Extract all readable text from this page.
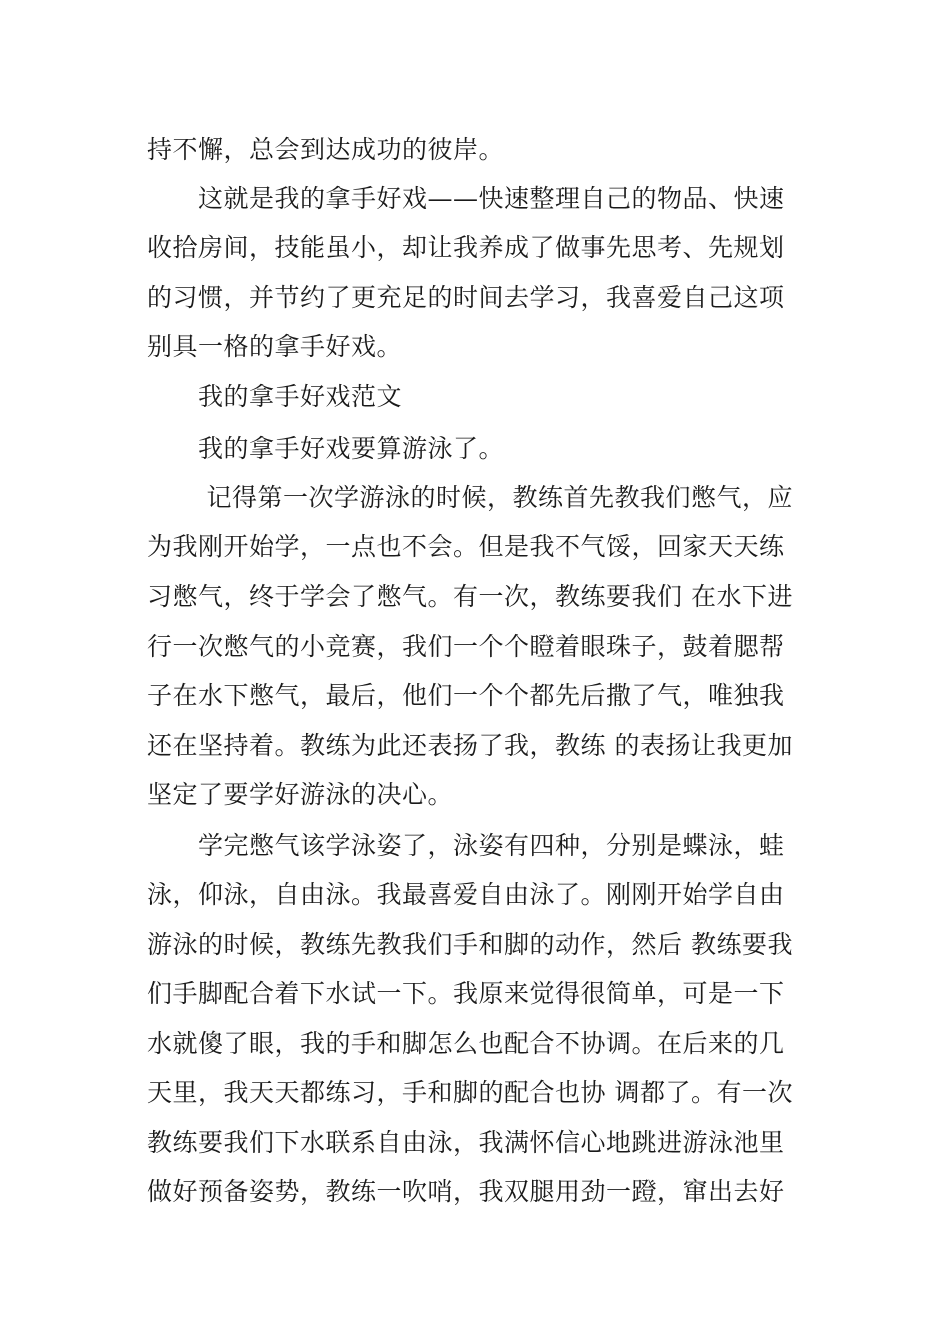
持不懈，总会到达成功的彼岸。
　　这就是我的拿手好戏——快速整理自己的物品、快速
收拾房间，技能虽小，却让我养成了做事先思考、先规划
的习惯，并节约了更充足的时间去学习，我喜爱自己这项
别具一格的拿手好戏。
　　我的拿手好戏范文
　　我的拿手好戏要算游泳了。
　　 记得第一次学游泳的时候，教练首先教我们憋气，应
为我刚开始学，一点也不会。但是我不气馁，回家天天练
习憋气，终于学会了憋气。有一次，教练要我们 在水下进
行一次憋气的小竞赛，我们一个个瞪着眼珠子，鼓着腮帮
子在水下憋气，最后，他们一个个都先后撒了气，唯独我
还在坚持着。教练为此还表扬了我，教练 的表扬让我更加
坚定了要学好游泳的决心。
　　学完憋气该学泳姿了，泳姿有四种，分别是蝶泳，蛙
泳，仰泳，自由泳。我最喜爱自由泳了。刚刚开始学自由
游泳的时候，教练先教我们手和脚的动作，然后 教练要我
们手脚配合着下水试一下。我原来觉得很简单，可是一下
水就傻了眼，我的手和脚怎么也配合不协调。在后来的几
天里，我天天都练习，手和脚的配合也协 调都了。有一次
教练要我们下水联系自由泳，我满怀信心地跳进游泳池里
做好预备姿势，教练一吹哨，我双腿用劲一蹬，窜出去好
